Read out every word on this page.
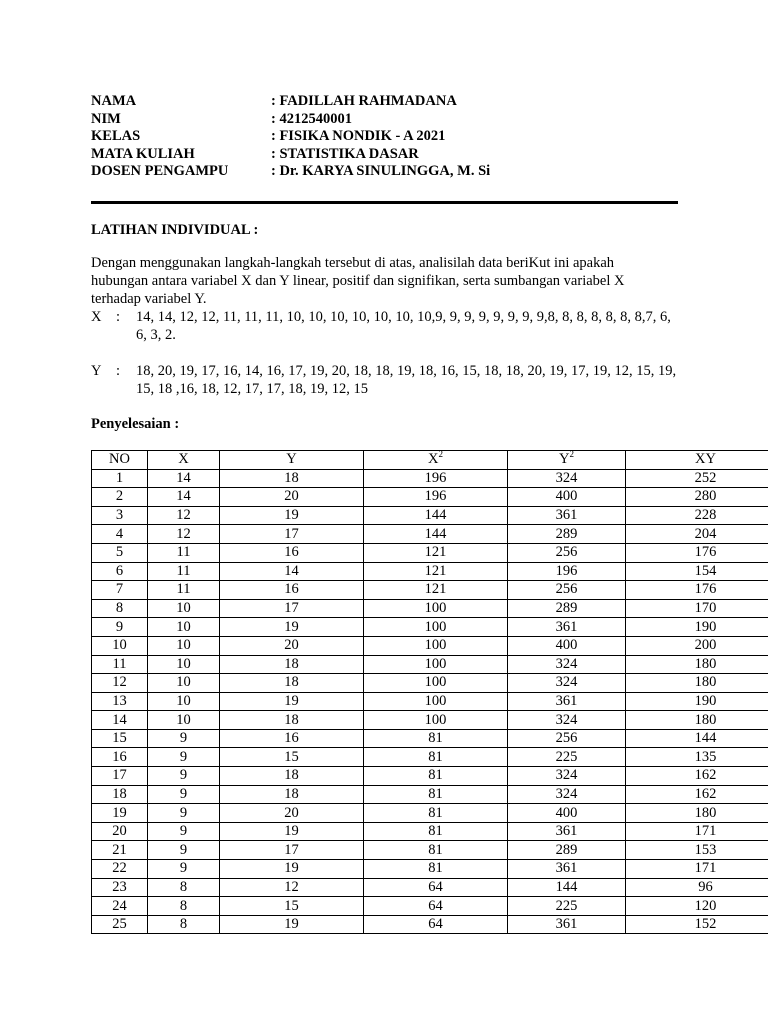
NAMA	: FADILLAH RAHMADANA
NIM	: 4212540001
KELAS	: FISIKA NONDIK - A 2021
MATA KULIAH	: STATISTIKA DASAR
DOSEN PENGAMPU	: Dr. KARYA SINULINGGA, M. Si
LATIHAN INDIVIDUAL :
Dengan menggunakan langkah-langkah tersebut di atas, analisilah data beriKut ini apakah hubungan antara variabel X dan Y linear, positif dan signifikan, serta sumbangan variabel X terhadap variabel Y.
X	:	14, 14, 12, 12, 11, 11, 11, 10, 10, 10, 10, 10, 10, 10,9, 9, 9, 9, 9, 9, 9, 9,8, 8, 8, 8, 8, 8, 8,7, 6, 6, 3, 2.
Y	:	18, 20, 19, 17, 16, 14, 16, 17, 19, 20, 18, 18, 19, 18, 16, 15, 18, 18, 20, 19, 17, 19, 12, 15, 19, 15, 18 ,16, 18, 12, 17, 17, 18, 19, 12, 15
Penyelesaian :
NO	X	Y	$X^2$	$Y^2$	XY
1	14	18	196	324	252
2	14	20	196	400	280
3	12	19	144	361	228
4	12	17	144	289	204
5	11	16	121	256	176
6	11	14	121	196	154
7	11	16	121	256	176
8	10	17	100	289	170
9	10	19	100	361	190
10	10	20	100	400	200
11	10	18	100	324	180
12	10	18	100	324	180
13	10	19	100	361	190
14	10	18	100	324	180
15	9	16	81	256	144
16	9	15	81	225	135
17	9	18	81	324	162
18	9	18	81	324	162
19	9	20	81	400	180
20	9	19	81	361	171
21	9	17	81	289	153
22	9	19	81	361	171
23	8	12	64	144	96
24	8	15	64	225	120
25	8	19	64	361	152
